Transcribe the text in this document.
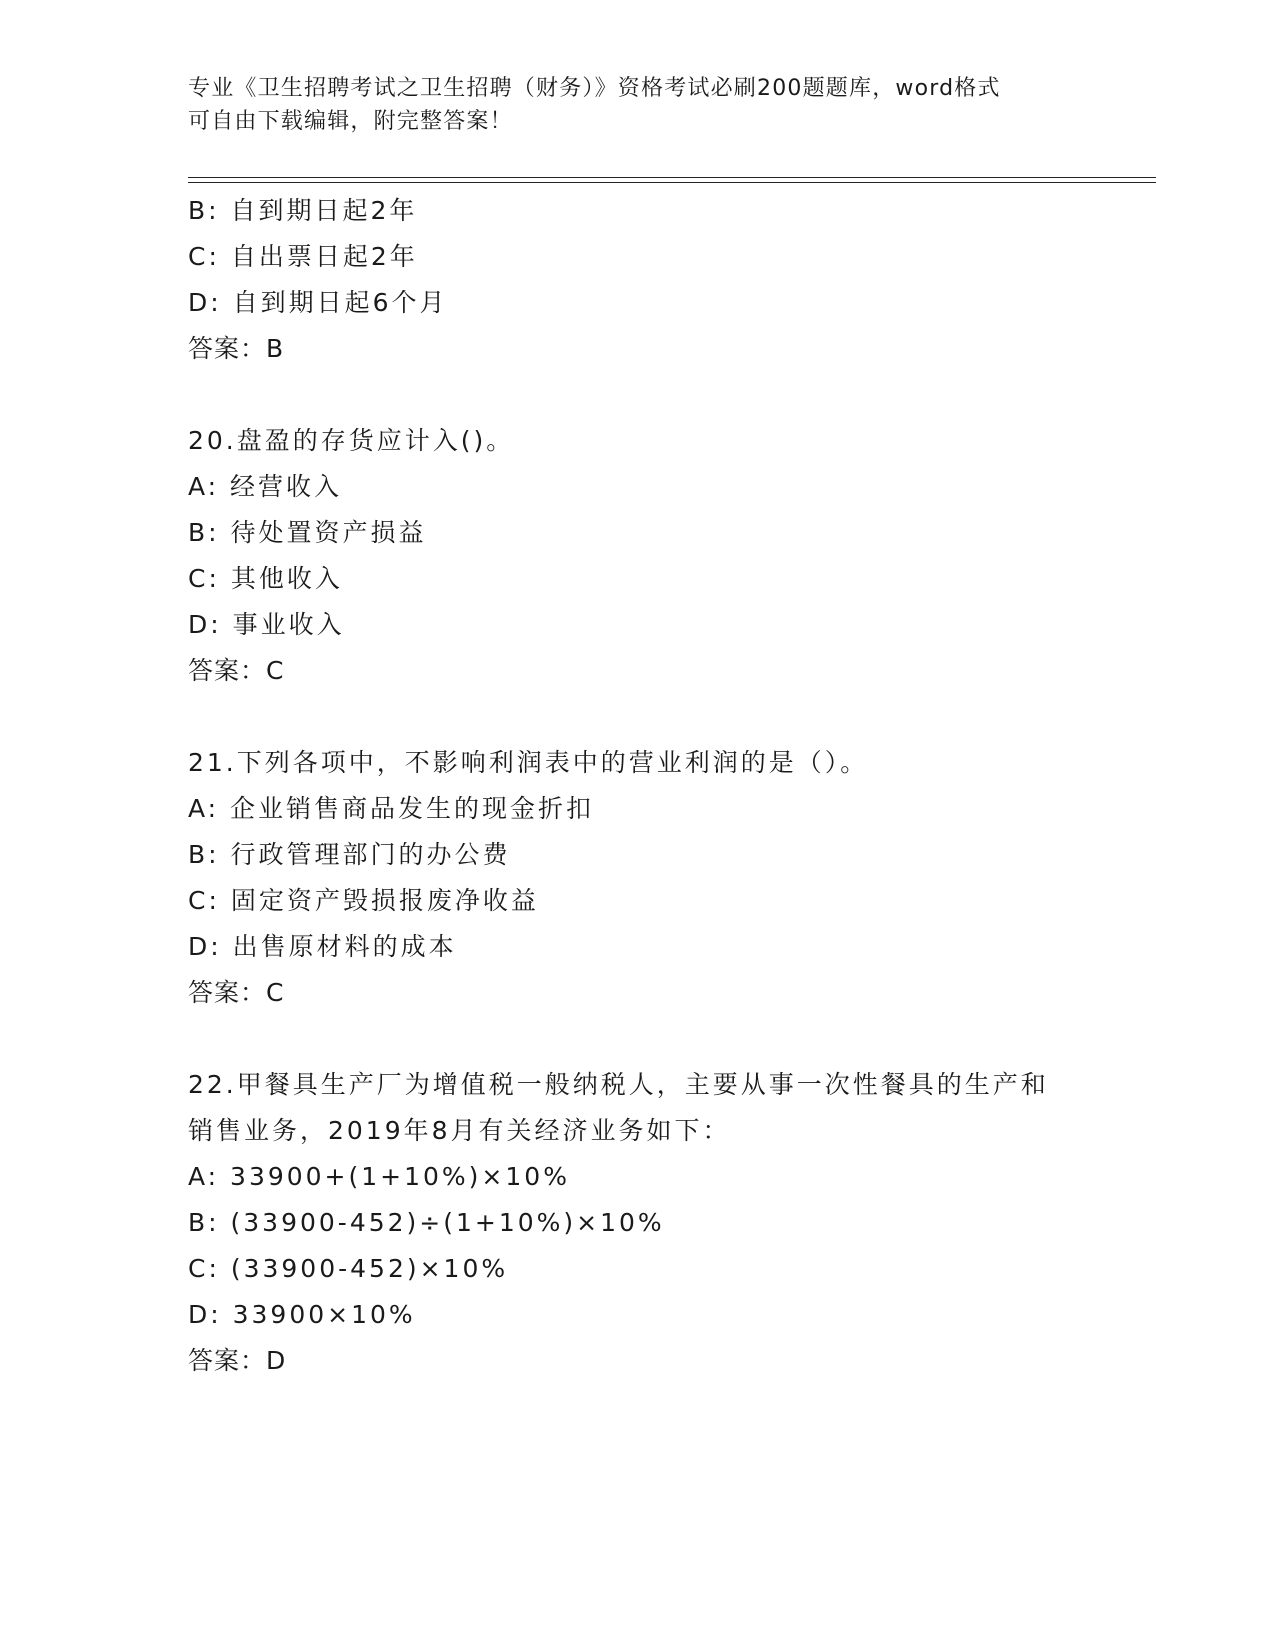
专业《卫生招聘考试之卫生招聘（财务）》资格考试必刷200题题库，word格式
可自由下载编辑，附完整答案！
B: 自到期日起2年
C: 自出票日起2年
D: 自到期日起6个月
答案：B
20.盘盈的存货应计入()。
A: 经营收入
B: 待处置资产损益
C: 其他收入
D: 事业收入
答案：C
21.下列各项中，不影响利润表中的营业利润的是（）。
A: 企业销售商品发生的现金折扣
B: 行政管理部门的办公费
C: 固定资产毁损报废净收益
D: 出售原材料的成本
答案：C
22.甲餐具生产厂为增值税一般纳税人，主要从事一次性餐具的生产和
销售业务，2019年8月有关经济业务如下：
A: 33900+(1+10%)×10%
B: (33900-452)÷(1+10%)×10%
C: (33900-452)×10%
D: 33900×10%
答案：D
